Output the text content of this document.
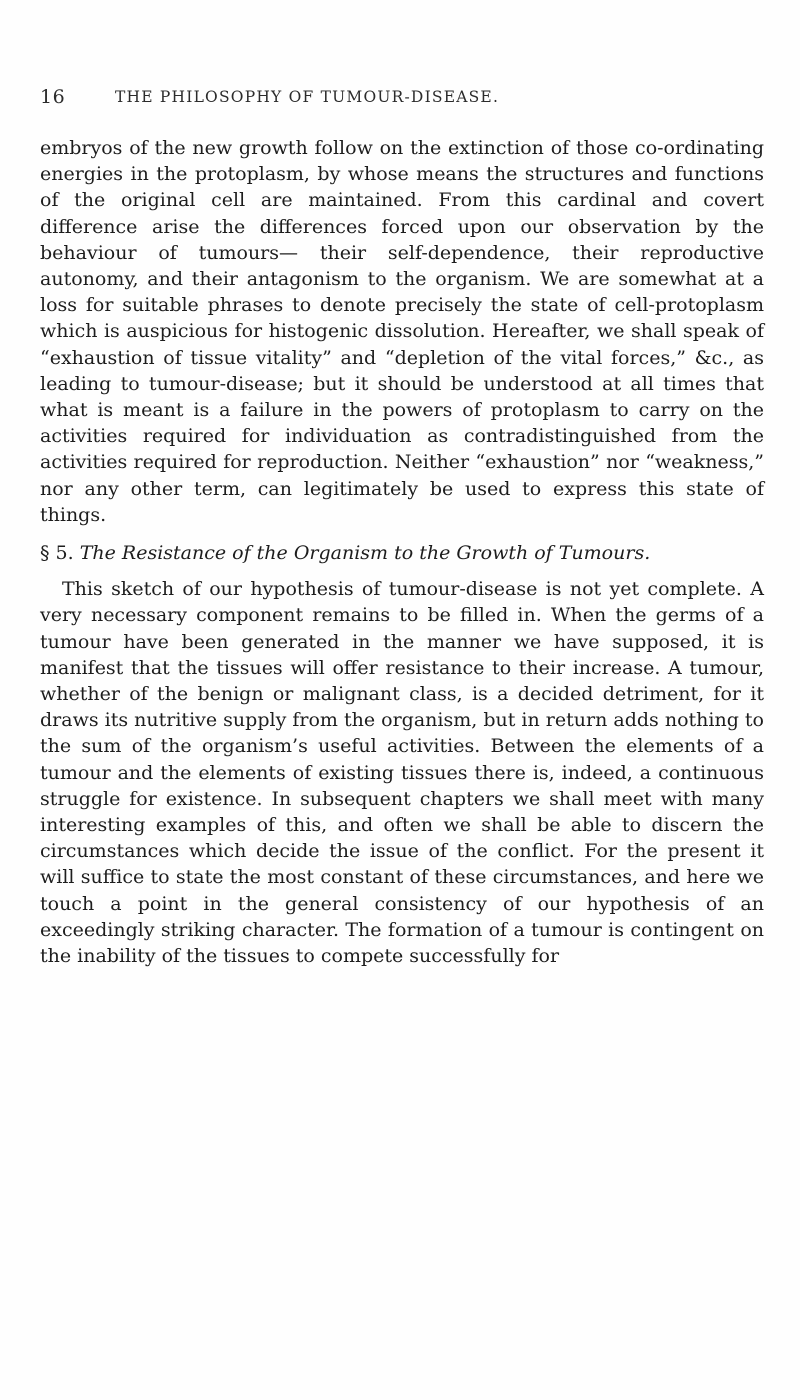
16	THE PHILOSOPHY OF TUMOUR-DISEASE.

embryos of the new growth follow on the extinction of those co-ordinating energies in the protoplasm, by whose means the structures and functions of the original cell are maintained. From this cardinal and covert difference arise the differences forced upon our observation by the behaviour of tumours— their self-dependence, their reproductive autonomy, and their antagonism to the organism. We are somewhat at a loss for suitable phrases to denote precisely the state of cell-protoplasm which is auspicious for histogenic dissolution. Hereafter, we shall speak of “exhaustion of tissue vitality” and “depletion of the vital forces,” &c., as leading to tumour-disease; but it should be understood at all times that what is meant is a failure in the powers of protoplasm to carry on the activities required for individuation as contradistinguished from the activities required for reproduction. Neither “exhaustion” nor “weakness,” nor any other term, can legitimately be used to express this state of things.

§ 5. The Resistance of the Organism to the Growth of Tumours.

This sketch of our hypothesis of tumour-disease is not yet complete. A very necessary component remains to be filled in. When the germs of a tumour have been generated in the manner we have supposed, it is manifest that the tissues will offer resistance to their increase. A tumour, whether of the benign or malignant class, is a decided detriment, for it draws its nutritive supply from the organism, but in return adds nothing to the sum of the organism’s useful activities. Between the elements of a tumour and the elements of existing tissues there is, indeed, a continuous struggle for existence. In subsequent chapters we shall meet with many interesting examples of this, and often we shall be able to discern the circumstances which decide the issue of the conflict. For the present it will suffice to state the most constant of these circumstances, and here we touch a point in the general consistency of our hypothesis of an exceedingly striking character. The formation of a tumour is contingent on the inability of the tissues to compete successfully for
